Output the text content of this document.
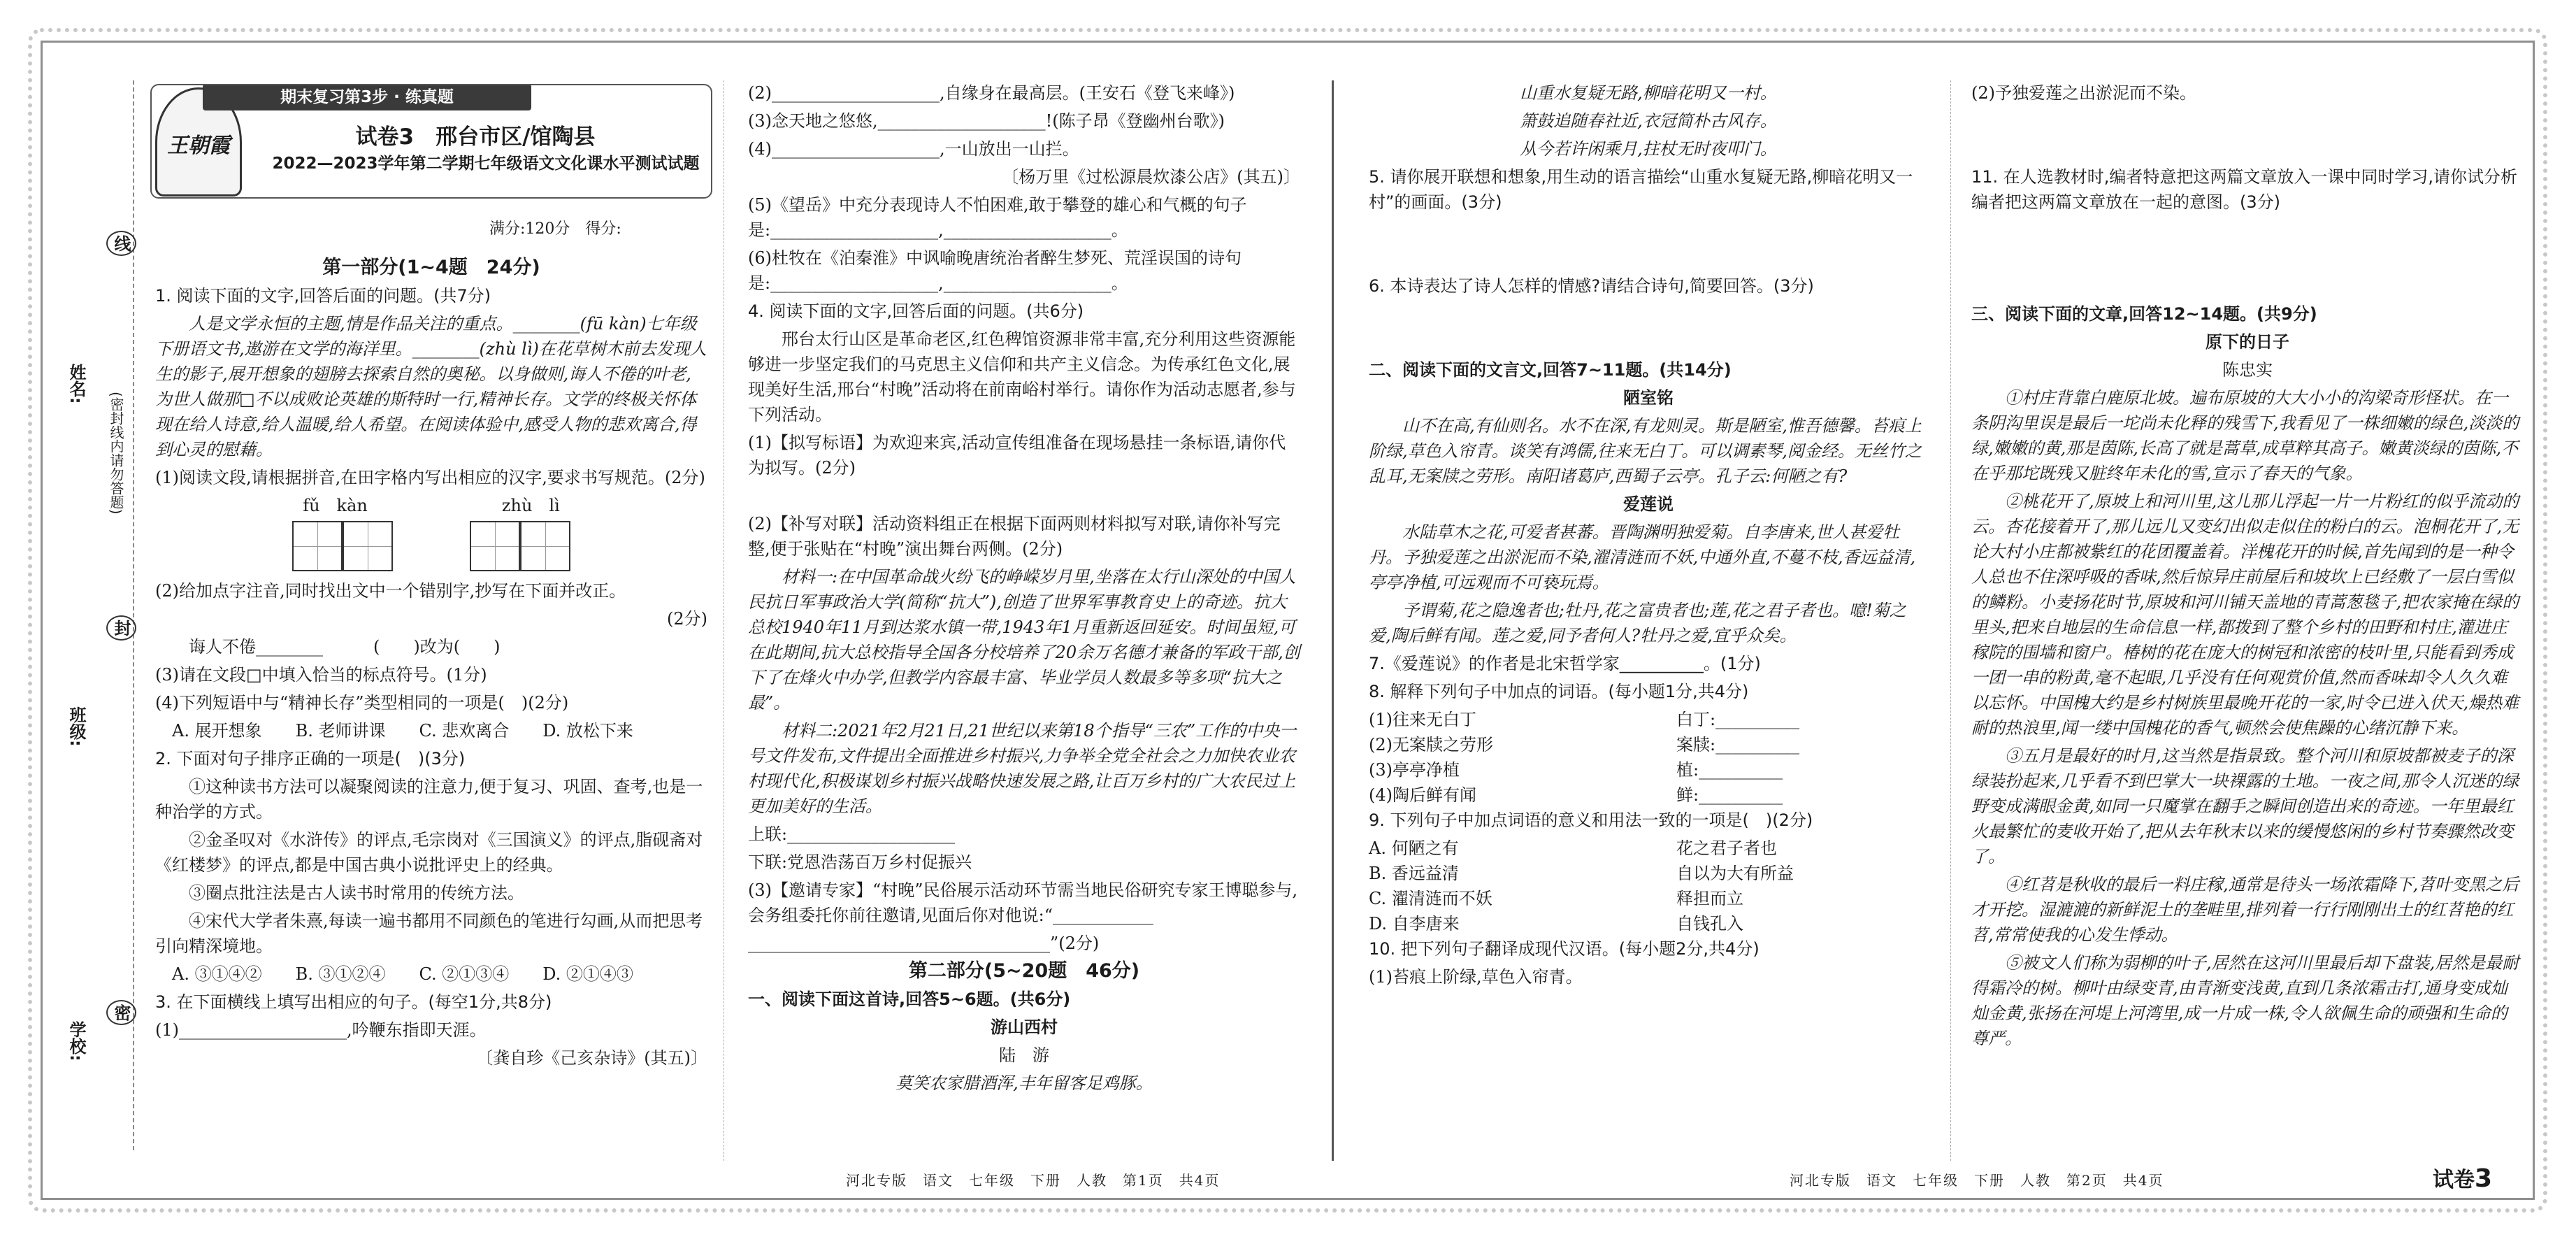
姓名:
班级:
学校:
线
封
密
(密封线内请勿答题)
王朝霞
期末复习第3步 · 练真题
试卷3　邢台市区/馆陶县
2022—2023学年第二学期七年级语文文化课水平测试试题
满分:120分　得分:

第一部分(1~4题　24分)

1. 阅读下面的文字,回答后面的问题。(共7分)

人是文学永恒的主题,情是作品关注的重点。________(fū kàn)七年级下册语文书,遨游在文学的海洋里。________(zhù lì)在花草树木前去发现人生的影子,展开想象的翅膀去探索自然的奥秘。以身做则,诲人不倦的叶老,为世人做那□不以成败论英雄的斯特时一行,精神长存。文学的终极关怀体现在给人诗意,给人温暖,给人希望。在阅读体验中,感受人物的悲欢离合,得到心灵的慰藉。

(1)阅读文段,请根据拼音,在田字格内写出相应的汉字,要求书写规范。(2分)

fǔ　kàn　　　　　　　　zhù　lì

(2)给加点字注音,同时找出文中一个错别字,抄写在下面并改正。

(2分)

诲人不倦________　　　(　　)改为(　　)

(3)请在文段□中填入恰当的标点符号。(1分)

(4)下列短语中与“精神长存”类型相同的一项是(　)(2分)

　A. 展开想象　　B. 老师讲课　　C. 悲欢离合　　D. 放松下来

2. 下面对句子排序正确的一项是(　)(3分)

①这种读书方法可以凝聚阅读的注意力,便于复习、巩固、查考,也是一种治学的方式。

②金圣叹对《水浒传》的评点,毛宗岗对《三国演义》的评点,脂砚斋对《红楼梦》的评点,都是中国古典小说批评史上的经典。

③圈点批注法是古人读书时常用的传统方法。

④宋代大学者朱熹,每读一遍书都用不同颜色的笔进行勾画,从而把思考引向精深境地。

　A. ③①④②　　B. ③①②④　　C. ②①③④　　D. ②①④③

3. 在下面横线上填写出相应的句子。(每空1分,共8分)

(1)____________________,吟鞭东指即天涯。

〔龚自珍《己亥杂诗》(其五)〕

(2)____________________,自缘身在最高层。(王安石《登飞来峰》)

(3)念天地之悠悠,____________________!(陈子昂《登幽州台歌》)

(4)____________________,一山放出一山拦。

〔杨万里《过松源晨炊漆公店》(其五)〕

(5)《望岳》中充分表现诗人不怕困难,敢于攀登的雄心和气概的句子是:____________________,____________________。

(6)杜牧在《泊秦淮》中讽喻晚唐统治者醉生梦死、荒淫误国的诗句是:____________________,____________________。

4. 阅读下面的文字,回答后面的问题。(共6分)

邢台太行山区是革命老区,红色稗馆资源非常丰富,充分利用这些资源能够进一步坚定我们的马克思主义信仰和共产主义信念。为传承红色文化,展现美好生活,邢台“村晚”活动将在前南峪村举行。请你作为活动志愿者,参与下列活动。

(1)【拟写标语】为欢迎来宾,活动宣传组准备在现场悬挂一条标语,请你代为拟写。(2分)

(2)【补写对联】活动资料组正在根据下面两则材料拟写对联,请你补写完整,便于张贴在“村晚”演出舞台两侧。(2分)

材料一:在中国革命战火纷飞的峥嵘岁月里,坐落在太行山深处的中国人民抗日军事政治大学(简称“抗大”),创造了世界军事教育史上的奇迹。抗大总校1940年11月到达浆水镇一带,1943年1月重新返回延安。时间虽短,可在此期间,抗大总校指导全国各分校培养了20余万名德才兼备的军政干部,创下了在烽火中办学,但教学内容最丰富、毕业学员人数最多等多项“抗大之最”。

材料二:2021年2月21日,21世纪以来第18个指导“三农”工作的中央一号文件发布,文件提出全面推进乡村振兴,力争举全党全社会之力加快农业农村现代化,积极谋划乡村振兴战略快速发展之路,让百万乡村的广大农民过上更加美好的生活。

上联:____________________

下联:党恩浩荡百万乡村促振兴

(3)【邀请专家】“村晚”民俗展示活动环节需当地民俗研究专家王博聪参与,会务组委托你前往邀请,见面后你对他说:“____________

____________________________________”(2分)

第二部分(5~20题　46分)

一、阅读下面这首诗,回答5~6题。(共6分)

游山西村

陆　游

莫笑农家腊酒浑,丰年留客足鸡豚。

山重水复疑无路,柳暗花明又一村。

箫鼓追随春社近,衣冠简朴古风存。

从今若许闲乘月,拄杖无时夜叩门。

5. 请你展开联想和想象,用生动的语言描绘“山重水复疑无路,柳暗花明又一村”的画面。(3分)

6. 本诗表达了诗人怎样的情感?请结合诗句,简要回答。(3分)

二、阅读下面的文言文,回答7~11题。(共14分)

陋室铭

山不在高,有仙则名。水不在深,有龙则灵。斯是陋室,惟吾德馨。苔痕上阶绿,草色入帘青。谈笑有鸿儒,往来无白丁。可以调素琴,阅金经。无丝竹之乱耳,无案牍之劳形。南阳诸葛庐,西蜀子云亭。孔子云:何陋之有?

爱莲说

水陆草木之花,可爱者甚蕃。晋陶渊明独爱菊。自李唐来,世人甚爱牡丹。予独爱莲之出淤泥而不染,濯清涟而不妖,中通外直,不蔓不枝,香远益清,亭亭净植,可远观而不可亵玩焉。

予谓菊,花之隐逸者也;牡丹,花之富贵者也;莲,花之君子者也。噫!菊之爱,陶后鲜有闻。莲之爱,同予者何人?牡丹之爱,宜乎众矣。

7.《爱莲说》的作者是北宋哲学家__________。(1分)

8. 解释下列句子中加点的词语。(每小题1分,共4分)

(1)往来无白丁	白丁:__________
(2)无案牍之劳形	案牍:__________
(3)亭亭净植	植:__________
(4)陶后鲜有闻	鲜:__________

9. 下列句子中加点词语的意义和用法一致的一项是(　)(2分)

A. 何陋之有	花之君子者也
B. 香远益清	自以为大有所益
C. 濯清涟而不妖	释担而立
D. 自李唐来	自钱孔入

10. 把下列句子翻译成现代汉语。(每小题2分,共4分)

(1)苔痕上阶绿,草色入帘青。

(2)予独爱莲之出淤泥而不染。

11. 在人选教材时,编者特意把这两篇文章放入一课中同时学习,请你试分析编者把这两篇文章放在一起的意图。(3分)

三、阅读下面的文章,回答12~14题。(共9分)

原下的日子

陈忠实

①村庄背靠白鹿原北坡。遍布原坡的大大小小的沟梁奇形怪状。在一条阴沟里误是最后一坨尚未化释的残雪下,我看见了一株细嫩的绿色,淡淡的绿,嫩嫩的黄,那是茵陈,长高了就是蒿草,成草粹其高子。嫩黄淡绿的茵陈,不在乎那坨既残又脏终年未化的雪,宣示了春天的气象。

②桃花开了,原坡上和河川里,这儿那儿浮起一片一片粉红的似乎流动的云。杏花接着开了,那儿远儿又变幻出似走似住的粉白的云。泡桐花开了,无论大村小庄都被紫红的花团覆盖着。洋槐花开的时候,首先闻到的是一种令人总也不住深呼吸的香味,然后惊异庄前屋后和坡坎上已经敷了一层白雪似的鳞粉。小麦扬花时节,原坡和河川铺天盖地的青蒿葱毯子,把农家掩在绿的里头,把来自地层的生命信息一样,都拨到了整个乡村的田野和村庄,灌进庄稼院的围墙和窗户。椿树的花在庞大的树冠和浓密的枝叶里,只能看到秀成一团一串的粉黄,毫不起眼,几乎没有任何观赏价值,然而香味却令人久久难以忘怀。中国槐大约是乡村树族里最晚开花的一家,时令已进入伏天,燥热难耐的热浪里,闻一缕中国槐花的香气,顿然会使焦躁的心绪沉静下来。

③五月是最好的时月,这当然是指景致。整个河川和原坡都被麦子的深绿装扮起来,几乎看不到巴掌大一块裸露的土地。一夜之间,那令人沉迷的绿野变成满眼金黄,如同一只魔掌在翻手之瞬间创造出来的奇迹。一年里最红火最繁忙的麦收开始了,把从去年秋末以来的缓慢悠闲的乡村节奏骤然改变了。

④红苕是秋收的最后一料庄稼,通常是待头一场浓霜降下,苕叶变黑之后才开挖。湿漉漉的新鲜泥土的垄畦里,排列着一行行刚刚出土的红苕艳的红苕,常常使我的心发生悸动。

⑤被文人们称为弱柳的叶子,居然在这河川里最后却下盘装,居然是最耐得霜冷的树。柳叶由绿变青,由青渐变浅黄,直到几条浓霜击打,通身变成灿灿金黄,张扬在河堤上河湾里,成一片成一株,令人欲佩生命的顽强和生命的尊严。

河北专版　语文　七年级　下册　人教　第1页　共4页	河北专版　语文　七年级　下册　人教　第2页　共4页	试卷3
